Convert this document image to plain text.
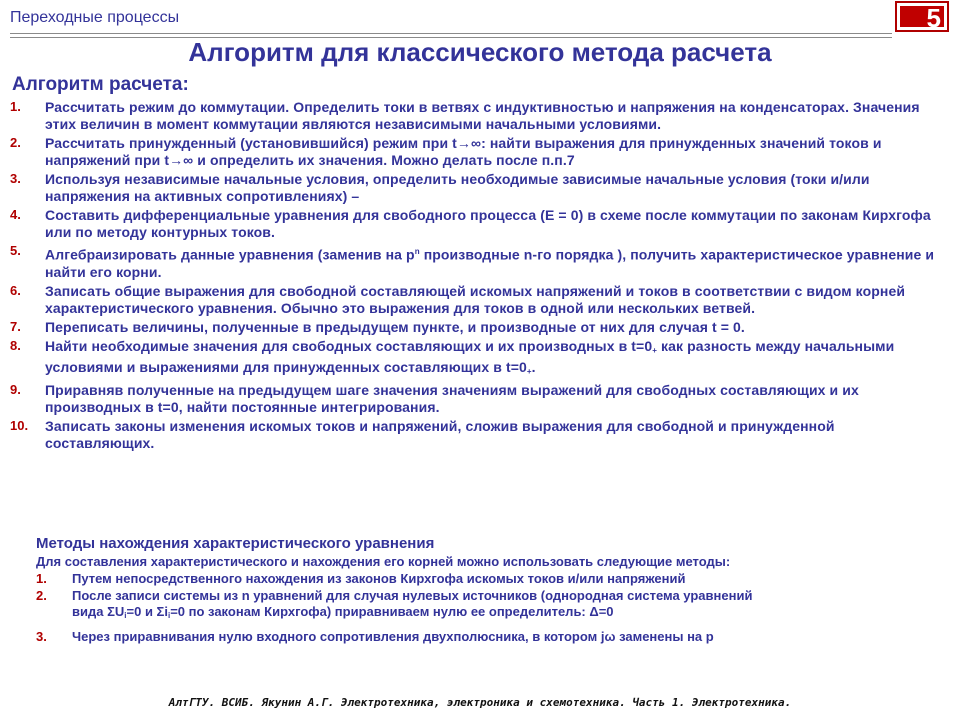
Переходные процессы	5
Алгоритм для классического метода расчета
Алгоритм расчета:
1. Рассчитать режим до коммутации. Определить токи в ветвях с индуктивностью и напряжения на конденсаторах. Значения этих величин в момент коммутации являются независимыми начальными условиями.
2. Рассчитать принужденный (установившийся) режим при t→∞: найти выражения для принужденных значений токов и напряжений при t→∞ и определить их значения. Можно делать после п.п.7
3. Используя независимые начальные условия, определить необходимые зависимые начальные условия (токи и/или напряжения на активных сопротивлениях) –
4. Составить дифференциальные уравнения для свободного процесса (E = 0) в схеме после коммутации по законам Кирхгофа или по методу контурных токов.
5. Алгебраизировать данные уравнения (заменив на $p^n$ производные n-го порядка ), получить характеристическое уравнение и найти его корни.
6. Записать общие выражения для свободной составляющей искомых напряжений и токов в соответствии с видом корней характеристического уравнения. Обычно это выражения для токов в одной или нескольких ветвей.
7. Переписать величины, полученные в предыдущем пункте, и производные от них для случая t = 0.
8. Найти необходимые значения для свободных составляющих и их производных в $t=0_+$ как разность между начальными условиями и выражениями для принужденных составляющих в $t=0_+$.
9. Приравняв полученные на предыдущем шаге значения значениям выражений для свободных составляющих и их производных в t=0, найти постоянные интегрирования.
10. Записать законы изменения искомых токов и напряжений, сложив выражения для свободной и принужденной составляющих.
Методы нахождения характеристического уравнения
Для составления характеристического и нахождения его корней можно использовать следующие методы:
1. Путем непосредственного нахождения из законов Кирхгофа искомых токов и/или напряжений
2. После записи системы из n уравнений для случая нулевых источников (однородная система уравнений
вида $\Sigma U_i=0$ и $\Sigma i_i=0$ по законам Кирхгофа) приравниваем нулю ее определитель: Δ=0
3. Через приравнивания нулю входного сопротивления двухполюсника, в котором jω заменены на p
АлтГТУ. ВСИБ. Якунин А.Г. Электротехника, электроника и схемотехника. Часть 1. Электротехника.
